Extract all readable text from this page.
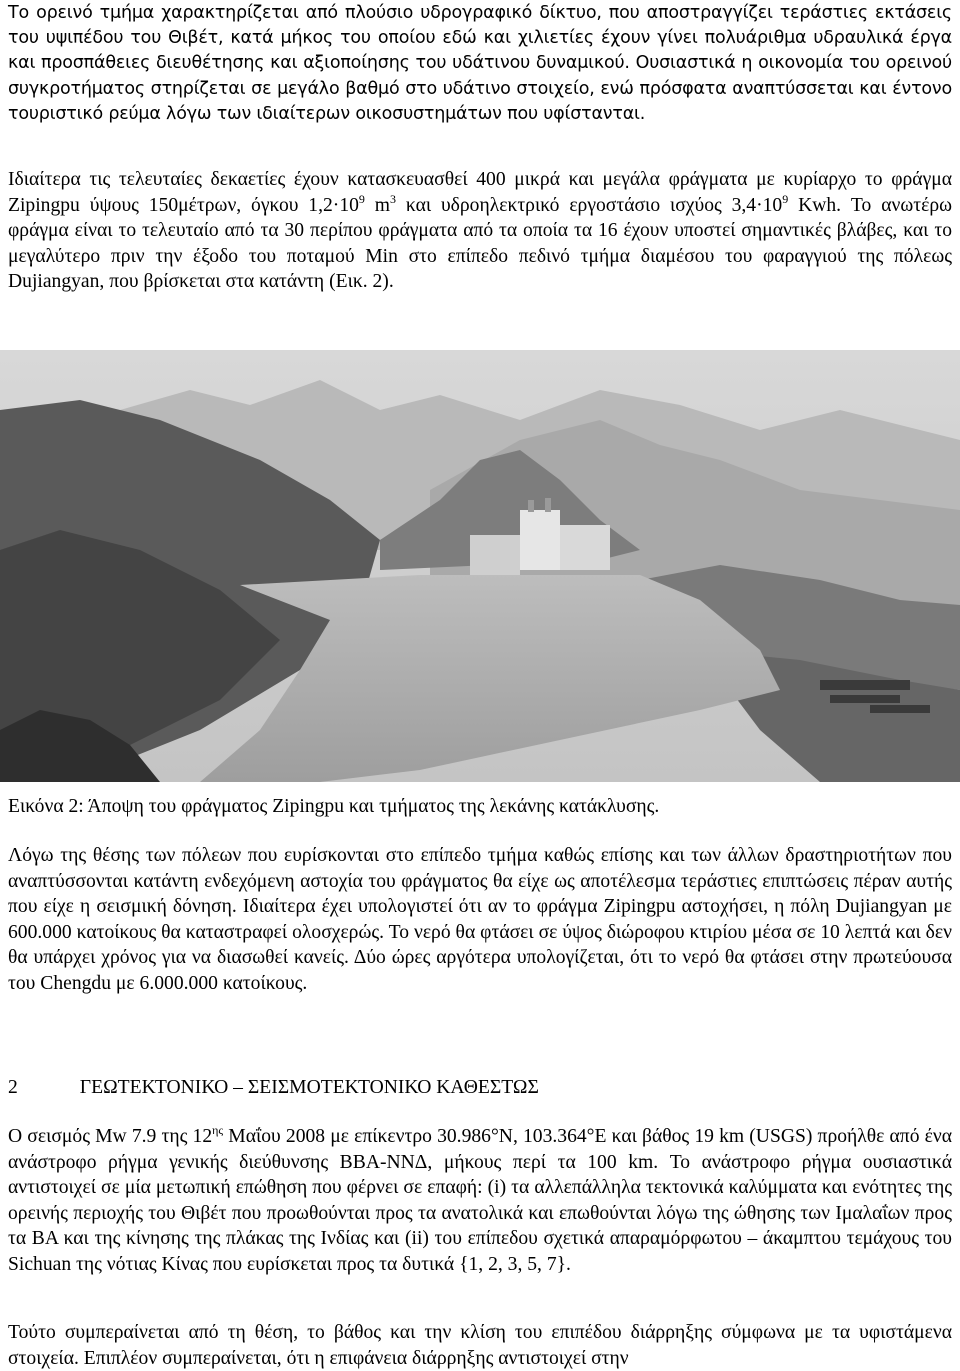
Το ορεινό τμήμα χαρακτηρίζεται από πλούσιο υδρογραφικό δίκτυο, που αποστραγγίζει τεράστιες εκτάσεις του υψιπέδου του Θιβέτ, κατά μήκος του οποίου εδώ και χιλιετίες έχουν γίνει πολυάριθμα υδραυλικά έργα και προσπάθειες διευθέτησης και αξιοποίησης του υδάτινου δυναμικού. Ουσιαστικά η οικονομία του ορεινού συγκροτήματος στηρίζεται σε μεγάλο βαθμό στο υδάτινο στοιχείο, ενώ πρόσφατα αναπτύσσεται και έντονο τουριστικό ρεύμα λόγω των ιδιαίτερων οικοσυστημάτων που υφίστανται.

Ιδιαίτερα τις τελευταίες δεκαετίες έχουν κατασκευασθεί 400 μικρά και μεγάλα φράγματα με κυρίαρχο το φράγμα Zipingpu ύψους 150μέτρων, όγκου $1,2\cdot 10^9$ $m^3$ και υδροηλεκτρικό εργοστάσιο ισχύος $3,4\cdot 10^9$ Kwh. Το ανωτέρω φράγμα είναι το τελευταίο από τα 30 περίπου φράγματα από τα οποία τα 16 έχουν υποστεί σημαντικές βλάβες, και το μεγαλύτερο πριν την έξοδο του ποταμού Min στο επίπεδο πεδινό τμήμα διαμέσου του φαραγγιού της πόλεως Dujiangyan, που βρίσκεται στα κατάντη (Εικ. 2).

Εικόνα 2: Άποψη του φράγματος Zipingpu και τμήματος της λεκάνης κατάκλυσης.

Λόγω της θέσης των πόλεων που ευρίσκονται στο επίπεδο τμήμα καθώς επίσης και των άλλων δραστηριοτήτων που αναπτύσσονται κατάντη ενδεχόμενη αστοχία του φράγματος θα είχε ως αποτέλεσμα τεράστιες επιπτώσεις πέραν αυτής που είχε η σεισμική δόνηση. Ιδιαίτερα έχει υπολογιστεί ότι αν το φράγμα Zipingpu αστοχήσει, η πόλη Dujiangyan με 600.000 κατοίκους θα καταστραφεί ολοσχερώς. Το νερό θα φτάσει σε ύψος διώροφου κτιρίου μέσα σε 10 λεπτά και δεν θα υπάρχει χρόνος για να διασωθεί κανείς. Δύο ώρες αργότερα υπολογίζεται, ότι το νερό θα φτάσει στην πρωτεύουσα του Chengdu με 6.000.000 κατοίκους.

2	ΓΕΩΤΕΚΤΟΝΙΚΟ – ΣΕΙΣΜΟΤΕΚΤΟΝΙΚΟ ΚΑΘΕΣΤΩΣ

Ο σεισμός Mw 7.9 της $12^{\eta\varsigma}$ Μαΐου 2008 με επίκεντρο 30.986°N, 103.364°E και βάθος 19 km (USGS) προήλθε από ένα ανάστροφο ρήγμα γενικής διεύθυνσης ΒΒΑ-ΝΝΔ, μήκους περί τα 100 km. Το ανάστροφο ρήγμα ουσιαστικά αντιστοιχεί σε μία μετωπική επώθηση που φέρνει σε επαφή: (i) τα αλλεπάλληλα τεκτονικά καλύμματα και ενότητες της ορεινής περιοχής του Θιβέτ που προωθούνται προς τα ανατολικά και επωθούνται λόγω της ώθησης των Ιμαλαΐων προς τα ΒΑ και της κίνησης της πλάκας της Ινδίας και (ii) του επίπεδου σχετικά απαραμόρφωτου – άκαμπτου τεμάχους του Sichuan της νότιας Κίνας που ευρίσκεται προς τα δυτικά {1, 2, 3, 5, 7}.

Τούτο συμπεραίνεται από τη θέση, το βάθος και την κλίση του επιπέδου διάρρηξης σύμφωνα με τα υφιστάμενα στοιχεία. Επιπλέον συμπεραίνεται, ότι η επιφάνεια διάρρηξης αντιστοιχεί στην
